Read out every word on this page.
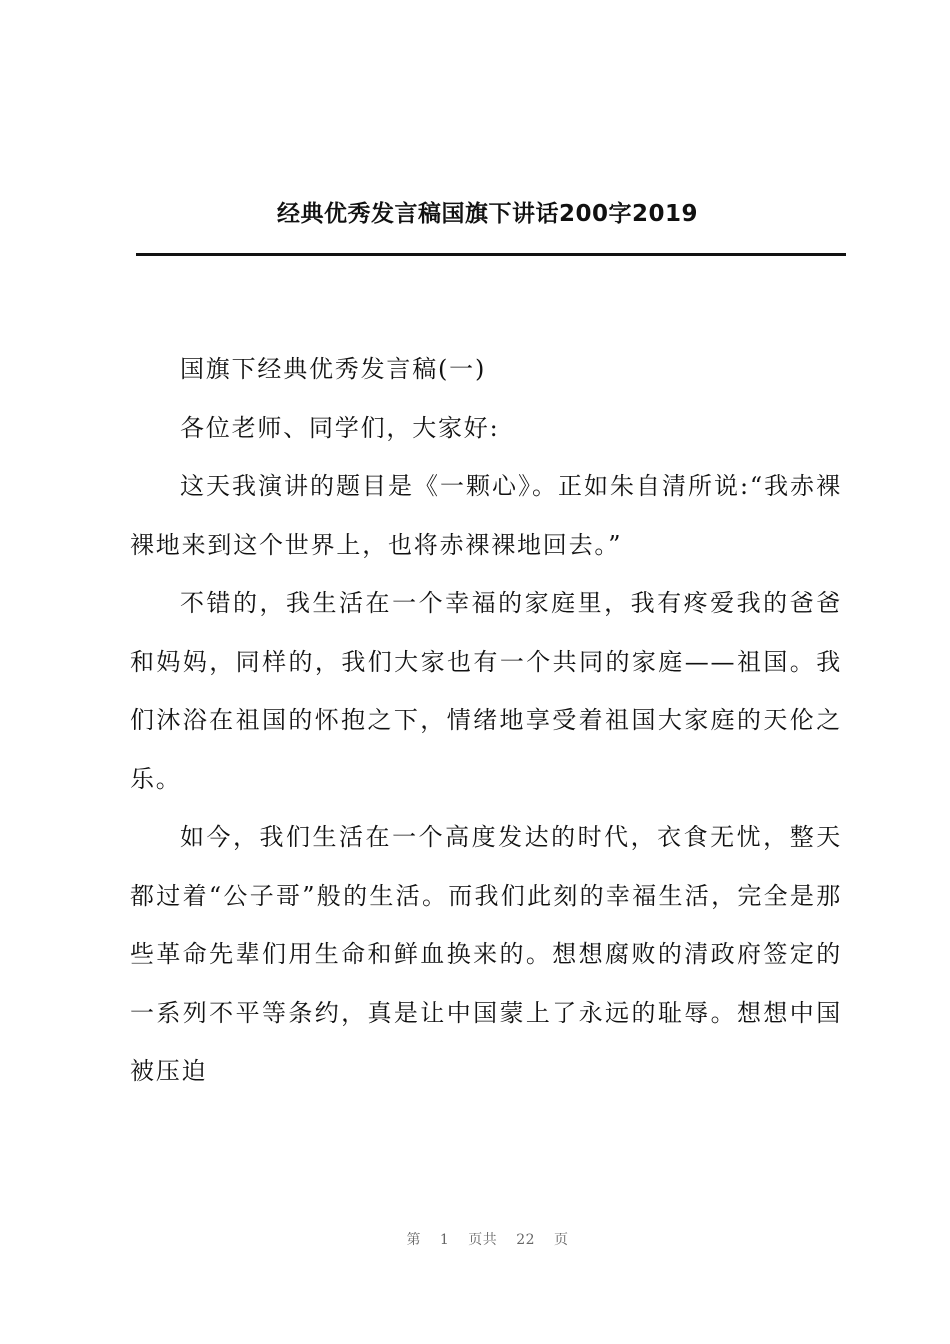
经典优秀发言稿国旗下讲话200字2019

国旗下经典优秀发言稿(一)

各位老师、同学们，大家好:

这天我演讲的题目是《一颗心》。正如朱自清所说:“我赤裸裸地来到这个世界上，也将赤裸裸地回去。”

不错的，我生活在一个幸福的家庭里，我有疼爱我的爸爸和妈妈，同样的，我们大家也有一个共同的家庭——祖国。我们沐浴在祖国的怀抱之下，情绪地享受着祖国大家庭的天伦之乐。

如今，我们生活在一个高度发达的时代，衣食无忧，整天都过着“公子哥”般的生活。而我们此刻的幸福生活，完全是那些革命先辈们用生命和鲜血换来的。想想腐败的清政府签定的一系列不平等条约，真是让中国蒙上了永远的耻辱。想想中国被压迫

第 1 页共 22 页
